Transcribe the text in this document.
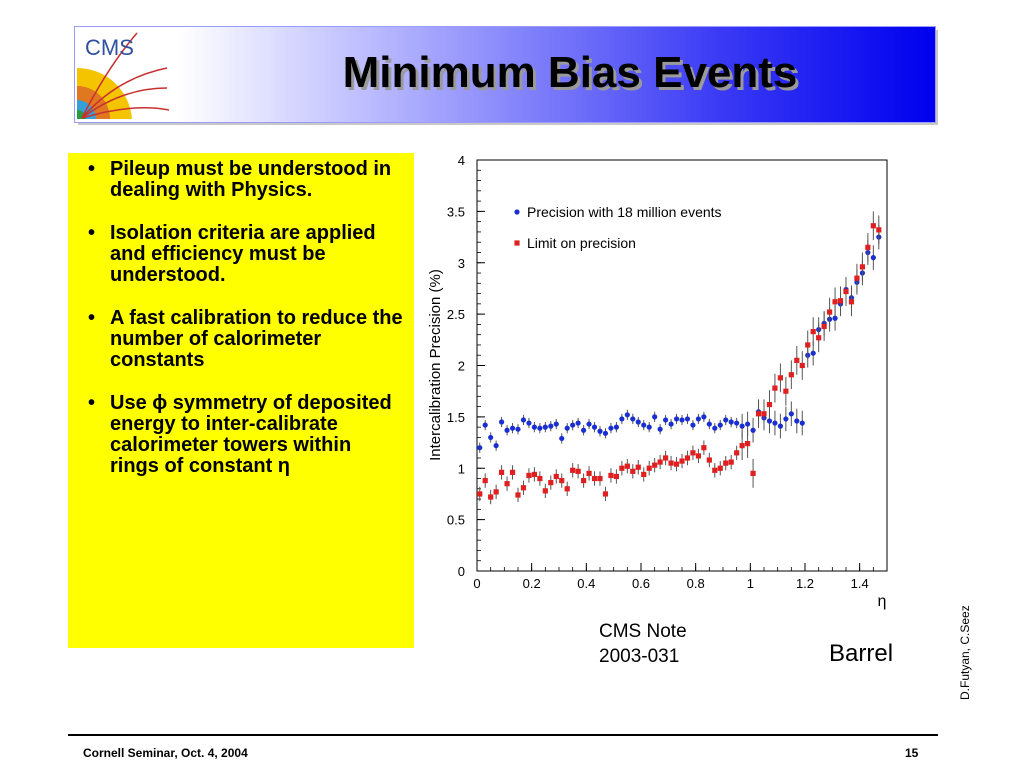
CMS
Minimum Bias Events
• Pileup must be understood in dealing with Physics.
• Isolation criteria are applied and efficiency must be understood.
• A fast calibration to reduce the number of calorimeter constants
• Use ϕ symmetry of deposited energy to inter-calibrate calorimeter towers within rings of constant η
0	0.2	0.4	0.6	0.8	1	1.2	1.4
0
0.5
1
1.5
2
2.5
3
3.5
4
Precision with 18 million events
Limit on precision
Intercalibration Precision (%)
η
CMS Note
2003-031	Barrel	D.Futyan, C.Seez
Cornell Seminar, Oct. 4, 2004	15
